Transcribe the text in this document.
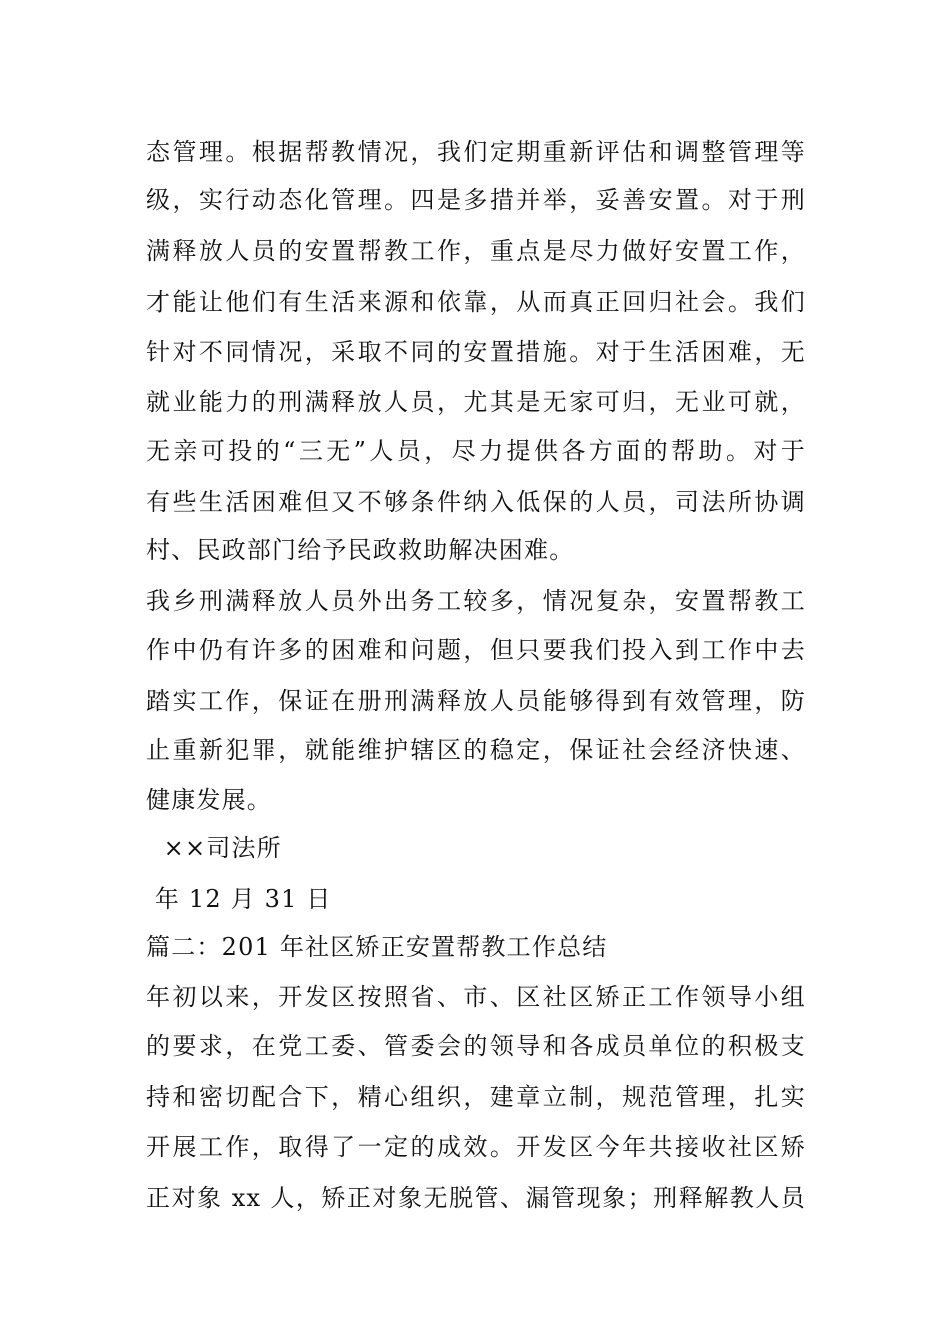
态管理。根据帮教情况，我们定期重新评估和调整管理等
级，实行动态化管理。四是多措并举，妥善安置。对于刑
满释放人员的安置帮教工作，重点是尽力做好安置工作，
才能让他们有生活来源和依靠，从而真正回归社会。我们
针对不同情况，采取不同的安置措施。对于生活困难，无
就业能力的刑满释放人员，尤其是无家可归，无业可就，
无亲可投的“三无”人员，尽力提供各方面的帮助。对于
有些生活困难但又不够条件纳入低保的人员，司法所协调
村、民政部门给予民政救助解决困难。
我乡刑满释放人员外出务工较多，情况复杂，安置帮教工
作中仍有许多的困难和问题，但只要我们投入到工作中去
踏实工作，保证在册刑满释放人员能够得到有效管理，防
止重新犯罪，就能维护辖区的稳定，保证社会经济快速、
健康发展。
××司法所
年 12 月 31 日
篇二：201 年社区矫正安置帮教工作总结
年初以来，开发区按照省、市、区社区矫正工作领导小组
的要求，在党工委、管委会的领导和各成员单位的积极支
持和密切配合下，精心组织，建章立制，规范管理，扎实
开展工作，取得了一定的成效。开发区今年共接收社区矫
正对象 xx 人，矫正对象无脱管、漏管现象；刑释解教人员
